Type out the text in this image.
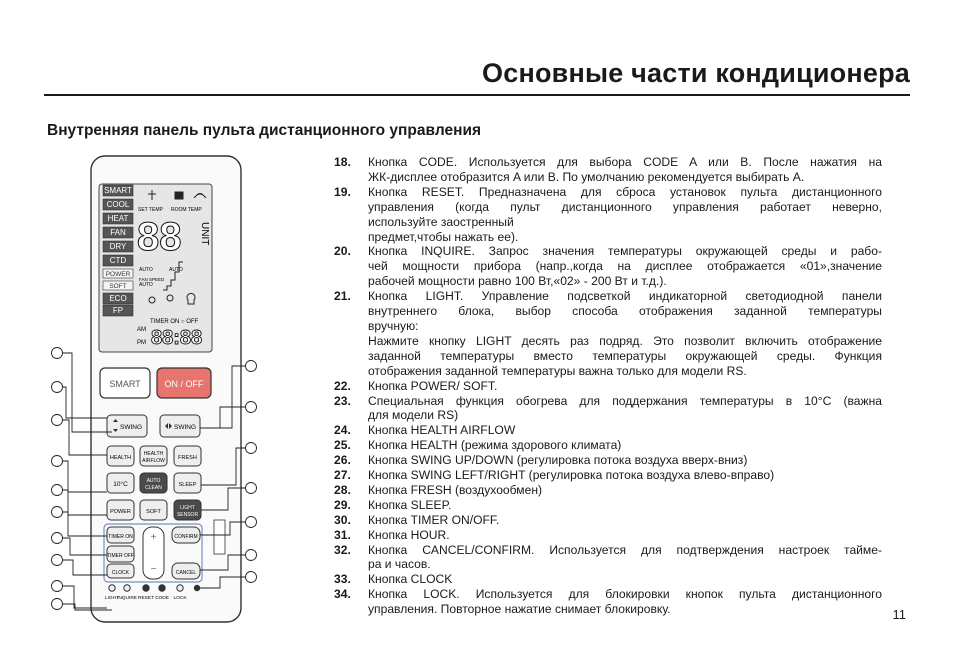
Основные части кондиционера
Внутренняя панель пульта дистанционного управления
SMART
COOL
HEAT
FAN
DRY
CTD
POWER
SOFT
ECO
FP
SET TEMP ROOM TEMP
88 UNIT
AUTO	AUTO
AUTO
FAN SPEED
TIMER ON ○ OFF
AM
PM 88:88
SMART	ON / OFF
SWING	SWING
HEALTH
HEALTH
AIRFLOW FRESH
10°C	AUTO
CLEAN	SLEEP
POWER	SOFT
LIGHT
SENSOR
TIMER ON
TIMER OFF
CLOCK
+
−
CONFIRM
CANCEL
LIGHT
INQUIRE RESET CODE LOCK
18.	Кнопка CODE. Используется для выбора CODE A или B. После нажатия на
ЖК-дисплее отобразится A или B. По умолчанию рекомендуется выбирать A.
19.	Кнопка RESET. Предназначена для сброса установок пульта дистанционного
управления (когда пульт дистанционного управления работает неверно,
используйте заостренный
предмет,чтобы нажать ее).
20.	Кнопка INQUIRE. Запрос значения температуры окружающей среды и рабо-
чей мощности прибора (напр.,когда на дисплее отображается «01»,значение
рабочей мощности равно 100 Вт,«02» - 200 Вт и т.д.).
21.	Кнопка LIGHT. Управление подсветкой индикаторной светодиодной панели
внутреннего блока, выбор способа отображения заданной температуры
вручную:
Нажмите кнопку LIGHT десять раз подряд. Это позволит включить отображение
заданной температуры вместо температуры окружающей среды. Функция
отображения заданной температуры важна только для модели RS.
22.	Кнопка POWER/ SOFT.
23.	Специальная функция обогрева для поддержания температуры в 10°C (важна
для модели RS)
24.	Кнопка HEALTH AIRFLOW
25.	Кнопка HEALTH (режима здорового климата)
26.	Кнопка SWING UP/DOWN (регулировка потока воздуха вверх-вниз)
27.	Кнопка SWING LEFT/RIGHT (регулировка потока воздуха влево-вправо)
28.	Кнопка FRESH (воздухообмен)
29.	Кнопка SLEEP.
30.	Кнопка TIMER ON/OFF.
31.	Кнопка HOUR.
32.	Кнопка CANCEL/CONFIRM. Используется для подтверждения настроек тайме-
ра и часов.
33.	Кнопка CLOCK
34.	Кнопка LOCK. Используется для блокировки кнопок пульта дистанционного
управления. Повторное нажатие снимает блокировку.	11
